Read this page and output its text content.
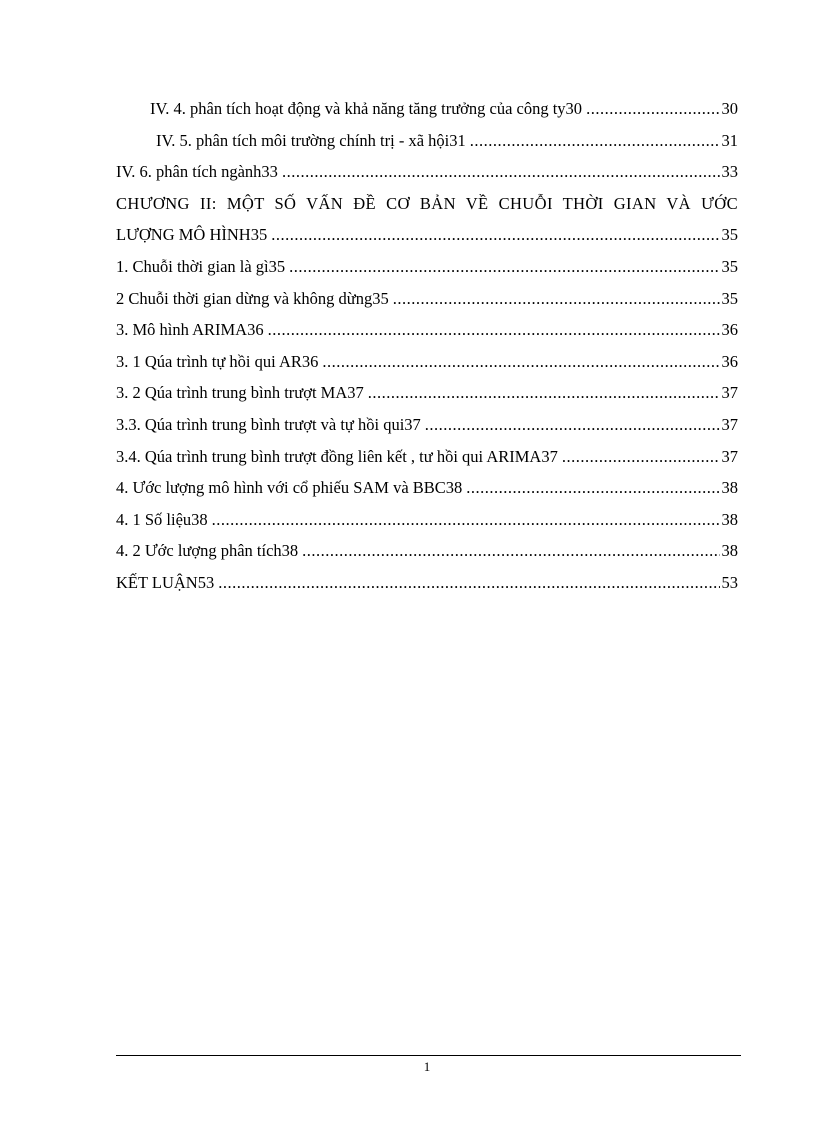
IV. 4. phân tích hoạt động và khả năng tăng trưởng của công ty30 .....	30
IV. 5. phân tích môi trường chính trị - xã hội31 .....	31
IV. 6. phân tích ngành33 .....	33
CHƯƠNG II: MỘT SỐ VẤN ĐỀ CƠ BẢN VỀ CHUỖI THỜI GIAN VÀ ƯỚC
LƯỢNG MÔ HÌNH35 .....	35
1. Chuỗi thời gian là gì35 .....	35
2 Chuỗi thời gian dừng và không dừng35 .....	35
3. Mô hình ARIMA36 .....	36
3. 1 Qúa trình tự hồi qui AR36 .....	36
3. 2 Qúa trình trung bình trượt MA37 .....	37
3.3. Qúa trình trung bình trượt và tự hồi qui37 .....	37
3.4. Qúa trình trung bình trượt đồng liên kết , tư hồi qui ARIMA37 .....	37
4. Ước lượng mô hình với cổ phiếu SAM và BBC38 .....	38
4. 1 Số liệu38 .....	38
4. 2 Ước lượng phân tích38 .....	38
KẾT LUẬN53 .....	53
1
